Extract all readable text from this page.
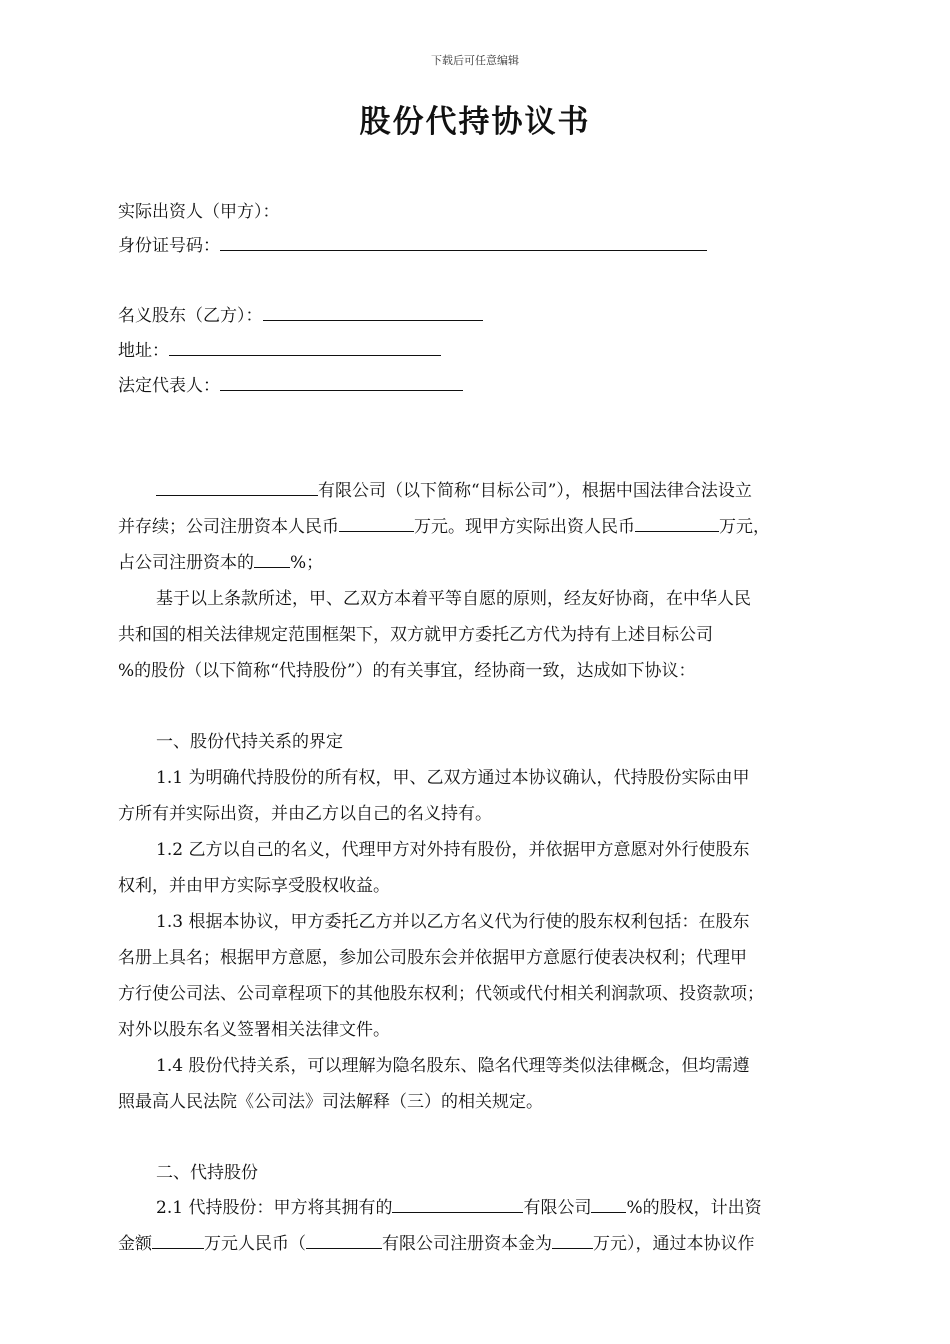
下载后可任意编辑
股份代持协议书
实际出资人（甲方）：
身份证号码：
名义股东（乙方）：
地址：
法定代表人：
有限公司（以下简称“目标公司”），根据中国法律合法设立
并存续；公司注册资本人民币	万元。现甲方实际出资人民币	万元，
占公司注册资本的 %；
基于以上条款所述，甲、乙双方本着平等自愿的原则，经友好协商，在中华人民
共和国的相关法律规定范围框架下，双方就甲方委托乙方代为持有上述目标公司
%的股份（以下简称“代持股份”）的有关事宜，经协商一致，达成如下协议：
一、股份代持关系的界定
1.1 为明确代持股份的所有权，甲、乙双方通过本协议确认，代持股份实际由甲
方所有并实际出资，并由乙方以自己的名义持有。
1.2 乙方以自己的名义，代理甲方对外持有股份，并依据甲方意愿对外行使股东
权利，并由甲方实际享受股权收益。
1.3 根据本协议，甲方委托乙方并以乙方名义代为行使的股东权利包括：在股东
名册上具名；根据甲方意愿，参加公司股东会并依据甲方意愿行使表决权利；代理甲
方行使公司法、公司章程项下的其他股东权利；代领或代付相关利润款项、投资款项；
对外以股东名义签署相关法律文件。
1.4 股份代持关系，可以理解为隐名股东、隐名代理等类似法律概念，但均需遵
照最高人民法院《公司法》司法解释（三）的相关规定。
二、代持股份
2.1 代持股份：甲方将其拥有的	有限公司 %的股权，计出资
金额	万元人民币（	有限公司注册资本金为 万元），通过本协议作
